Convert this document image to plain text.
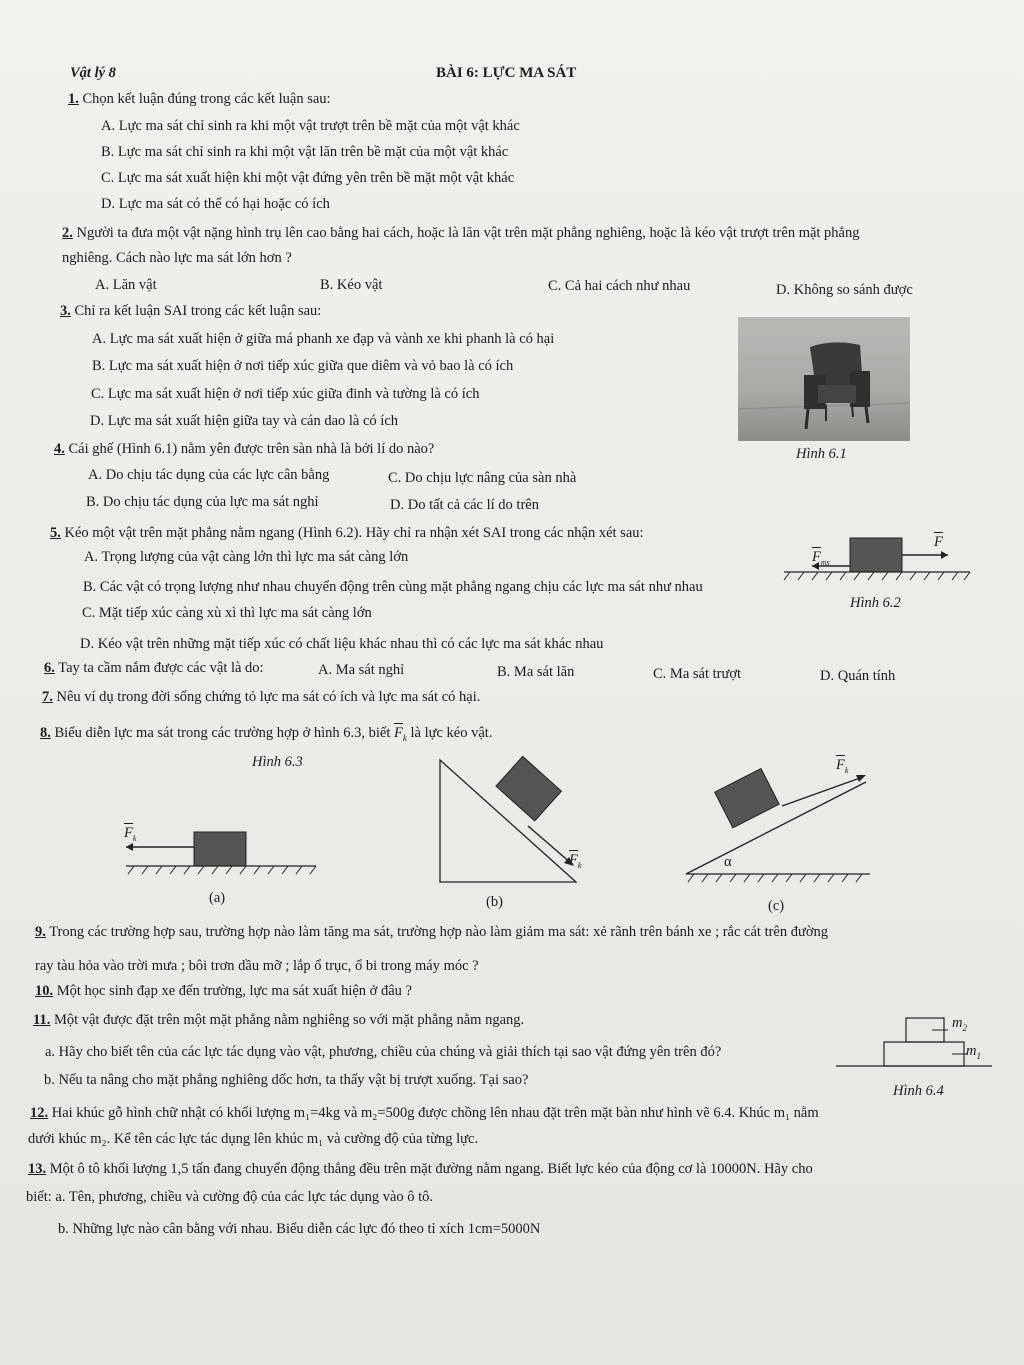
Vật lý 8	BÀI 6: LỰC MA SÁT
1. Chọn kết luận đúng trong các kết luận sau:
A. Lực ma sát chỉ sinh ra khi một vật trượt trên bề mặt của một vật khác
B. Lực ma sát chỉ sinh ra khi một vật lăn trên bề mặt của một vật khác
C. Lực ma sát xuất hiện khi một vật đứng yên trên bề mặt một vật khác
D. Lực ma sát có thể có hại hoặc có ích
2. Người ta đưa một vật nặng hình trụ lên cao bằng hai cách, hoặc là lăn vật trên mặt phẳng nghiêng, hoặc là kéo vật trượt trên mặt phẳng
nghiêng. Cách nào lực ma sát lớn hơn ?
A. Lăn vật	B. Kéo vật	C. Cả hai cách như nhau	D. Không so sánh được
3. Chỉ ra kết luận SAI trong các kết luận sau:
A. Lực ma sát xuất hiện ở giữa má phanh xe đạp và vành xe khi phanh là có hại
B. Lực ma sát xuất hiện ở nơi tiếp xúc giữa que diêm và vỏ bao là có ích
C. Lực ma sát xuất hiện ở nơi tiếp xúc giữa đinh và tường là có ích
D. Lực ma sát xuất hiện giữa tay và cán dao là có ích
Hình 6.1
4. Cái ghế (Hình 6.1) nằm yên được trên sàn nhà là bởi lí do nào?
A. Do chịu tác dụng của các lực cân bằng	C. Do chịu lực nâng của sàn nhà
B. Do chịu tác dụng của lực ma sát nghỉ	D. Do tất cả các lí do trên
5. Kéo một vật trên mặt phẳng nằm ngang (Hình 6.2). Hãy chỉ ra nhận xét SAI trong các nhận xét sau:
A. Trọng lượng của vật càng lớn thì lực ma sát càng lớn
B. Các vật có trọng lượng như nhau chuyển động trên cùng mặt phẳng ngang chịu các lực ma sát như nhau
C. Mặt tiếp xúc càng xù xì thì lực ma sát càng lớn
D. Kéo vật trên những mặt tiếp xúc có chất liệu khác nhau thì có các lực ma sát khác nhau
F
$F_{ms}$
Hình 6.2
6. Tay ta cầm nắm được các vật là do:	A. Ma sát nghỉ	B. Ma sát lăn	C. Ma sát trượt	D. Quán tính
7. Nêu ví dụ trong đời sống chứng tỏ lực ma sát có ích và lực ma sát có hại.
8. Biểu diễn lực ma sát trong các trường hợp ở hình 6.3, biết $F_k$ là lực kéo vật.
Hình 6.3
$F_k$
(a)
$F_k$
(b)
$F_k$
α
(c)
9. Trong các trường hợp sau, trường hợp nào làm tăng ma sát, trường hợp nào làm giảm ma sát: xẻ rãnh trên bánh xe ; rắc cát trên đường
ray tàu hỏa vào trời mưa ; bôi trơn dầu mỡ ; lắp ổ trục, ổ bi trong máy móc ?
10. Một học sinh đạp xe đến trường, lực ma sát xuất hiện ở đâu ?
11. Một vật được đặt trên một mặt phẳng nằm nghiêng so với mặt phẳng nằm ngang.
a. Hãy cho biết tên của các lực tác dụng vào vật, phương, chiều của chúng và giải thích tại sao vật đứng yên trên đó?
b. Nếu ta nâng cho mặt phẳng nghiêng dốc hơn, ta thấy vật bị trượt xuống. Tại sao?
$m_2$
$m_1$
Hình 6.4
12. Hai khúc gỗ hình chữ nhật có khối lượng m₁=4kg và m₂=500g được chồng lên nhau đặt trên mặt bàn như hình vẽ 6.4. Khúc m₁ nằm
dưới khúc m₂. Kể tên các lực tác dụng lên khúc m₁ và cường độ của từng lực.
13. Một ô tô khối lượng 1,5 tấn đang chuyển động thẳng đều trên mặt đường nằm ngang. Biết lực kéo của động cơ là 10000N. Hãy cho
biết: a. Tên, phương, chiều và cường độ của các lực tác dụng vào ô tô.
b. Những lực nào cân bằng với nhau. Biểu diễn các lực đó theo tỉ xích 1cm=5000N
